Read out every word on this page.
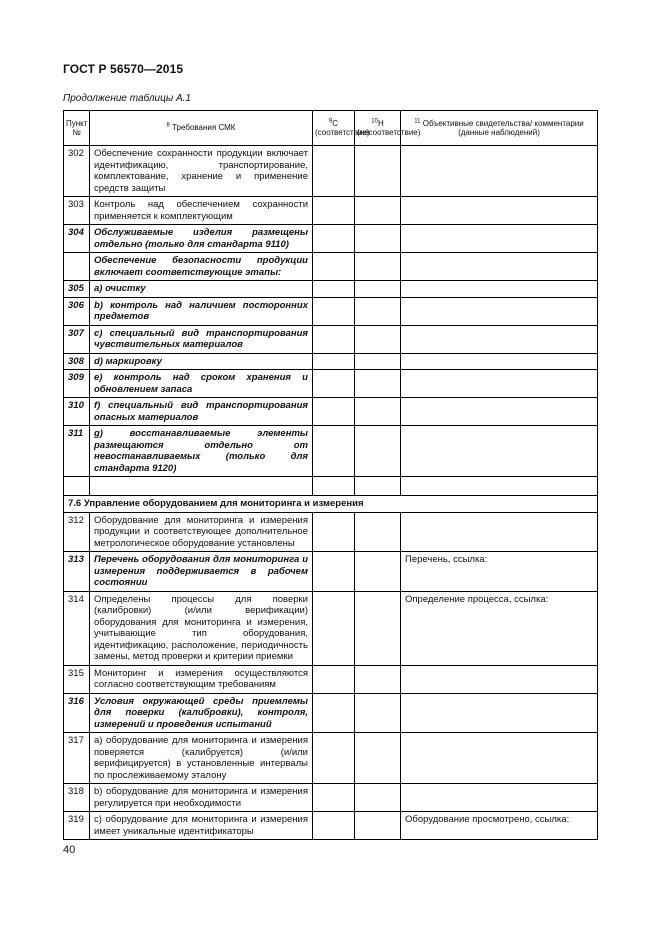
ГОСТ Р 56570—2015
Продолжение таблицы А.1
Пункт №	$^8$ Требования СМК	$^9$С (соответствие)	$^{10}$Н (несоответствие)	$^{11}$ Объективные свидетельства/ комментарии (данные наблюдений)
302	Обеспечение сохранности продукции включает идентификацию, транспортирование, комплектование, хранение и применение средств защиты			
303	Контроль над обеспечением сохранности применяется к комплектующим			
304	Обслуживаемые изделия размещены отдельно (только для стандарта 9110)			
	Обеспечение безопасности продукции включает соответствующие этапы:			
305	a) очистку			
306	b) контроль над наличием посторонних предметов			
307	c) специальный вид транспортирования чувствительных материалов			
308	d) маркировку			
309	e) контроль над сроком хранения и обновлением запаса			
310	f) специальный вид транспортирования опасных материалов			
311	g) восстанавливаемые элементы размещаются отдельно от невостанавливаемых (только для стандарта 9120)			

7.6 Управление оборудованием для мониторинга и измерения				
312	Оборудование для мониторинга и измерения продукции и соответствующее дополнительное метрологическое оборудование установлены			
313	Перечень оборудования для мониторинга и измерения поддерживается в рабочем состоянии			Перечень, ссылка:
314	Определены процессы для поверки (калибровки) (и/или верификации) оборудования для мониторинга и измерения, учитывающие тип оборудования, идентификацию, расположение, периодичность замены, метод проверки и критерии приемки			Определение процесса, ссылка:
315	Мониторинг и измерения осуществляются согласно соответствующим требованиям			
316	Условия окружающей среды приемлемы для поверки (калибровки), контроля, измерений и проведения испытаний			
317	a) оборудование для мониторинга и измерения поверяется (калибруется) (и/или верифицируется) в установленные интервалы по прослеживаемому эталону			
318	b) оборудование для мониторинга и измерения регулируется при необходимости			
319	c) оборудование для мониторинга и измерения имеет уникальные идентификаторы			Оборудование просмотрено, ссылка:
40
